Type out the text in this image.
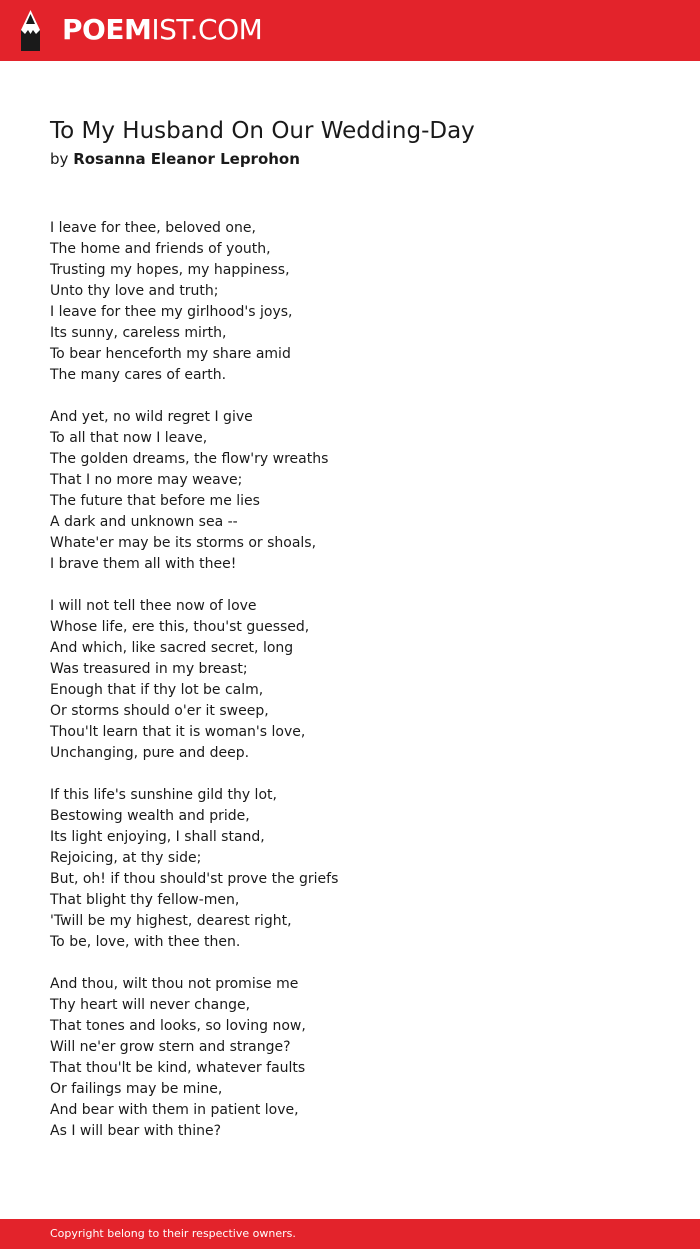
POEMIST.COM
To My Husband On Our Wedding-Day
by Rosanna Eleanor Leprohon
I leave for thee, beloved one,
The home and friends of youth,
Trusting my hopes, my happiness,
Unto thy love and truth;
I leave for thee my girlhood's joys,
Its sunny, careless mirth,
To bear henceforth my share amid
The many cares of earth.
And yet, no wild regret I give
To all that now I leave,
The golden dreams, the flow'ry wreaths
That I no more may weave;
The future that before me lies
A dark and unknown sea --
Whate'er may be its storms or shoals,
I brave them all with thee!
I will not tell thee now of love
Whose life, ere this, thou'st guessed,
And which, like sacred secret, long
Was treasured in my breast;
Enough that if thy lot be calm,
Or storms should o'er it sweep,
Thou'lt learn that it is woman's love,
Unchanging, pure and deep.
If this life's sunshine gild thy lot,
Bestowing wealth and pride,
Its light enjoying, I shall stand,
Rejoicing, at thy side;
But, oh! if thou should'st prove the griefs
That blight thy fellow-men,
'Twill be my highest, dearest right,
To be, love, with thee then.
And thou, wilt thou not promise me
Thy heart will never change,
That tones and looks, so loving now,
Will ne'er grow stern and strange?
That thou'lt be kind, whatever faults
Or failings may be mine,
And bear with them in patient love,
As I will bear with thine?
Copyright belong to their respective owners.
